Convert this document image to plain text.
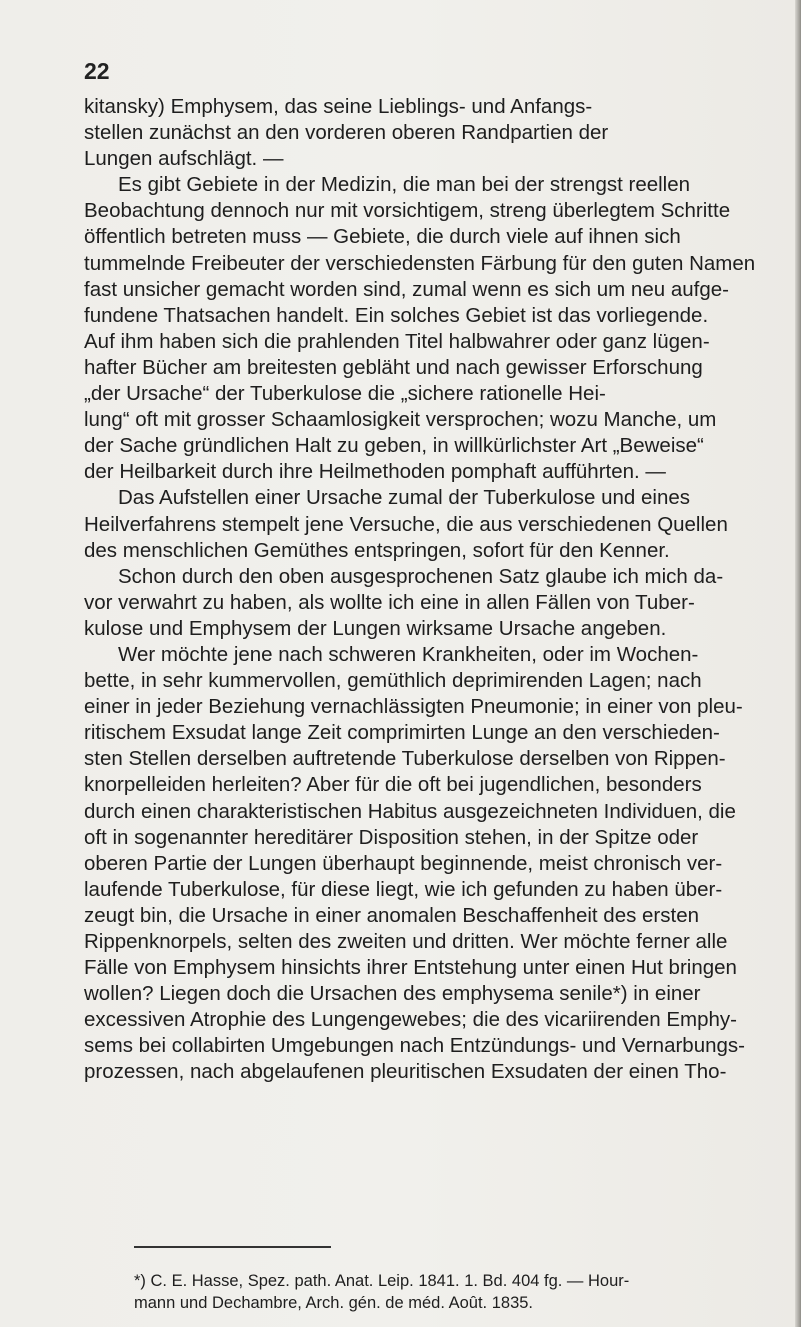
22
kitansky) Emphysem, das seine Lieblings- und Anfangs-
stellen zunächst an den vorderen oberen Randpartien der
Lungen aufschlägt. —
Es gibt Gebiete in der Medizin, die man bei der strengst reellen
Beobachtung dennoch nur mit vorsichtigem, streng überlegtem Schritte
öffentlich betreten muss — Gebiete, die durch viele auf ihnen sich
tummelnde Freibeuter der verschiedensten Färbung für den guten Namen
fast unsicher gemacht worden sind, zumal wenn es sich um neu aufge-
fundene Thatsachen handelt. Ein solches Gebiet ist das vorliegende.
Auf ihm haben sich die prahlenden Titel halbwahrer oder ganz lügen-
hafter Bücher am breitesten gebläht und nach gewisser Erforschung
„der Ursache“ der Tuberkulose die „sichere rationelle Hei-
lung“ oft mit grosser Schaamlosigkeit versprochen; wozu Manche, um
der Sache gründlichen Halt zu geben, in willkürlichster Art „Beweise“
der Heilbarkeit durch ihre Heilmethoden pomphaft aufführten. —
Das Aufstellen einer Ursache zumal der Tuberkulose und eines
Heilverfahrens stempelt jene Versuche, die aus verschiedenen Quellen
des menschlichen Gemüthes entspringen, sofort für den Kenner.
Schon durch den oben ausgesprochenen Satz glaube ich mich da-
vor verwahrt zu haben, als wollte ich eine in allen Fällen von Tuber-
kulose und Emphysem der Lungen wirksame Ursache angeben.
Wer möchte jene nach schweren Krankheiten, oder im Wochen-
bette, in sehr kummervollen, gemüthlich deprimirenden Lagen; nach
einer in jeder Beziehung vernachlässigten Pneumonie; in einer von pleu-
ritischem Exsudat lange Zeit comprimirten Lunge an den verschieden-
sten Stellen derselben auftretende Tuberkulose derselben von Rippen-
knorpelleiden herleiten? Aber für die oft bei jugendlichen, besonders
durch einen charakteristischen Habitus ausgezeichneten Individuen, die
oft in sogenannter hereditärer Disposition stehen, in der Spitze oder
oberen Partie der Lungen überhaupt beginnende, meist chronisch ver-
laufende Tuberkulose, für diese liegt, wie ich gefunden zu haben über-
zeugt bin, die Ursache in einer anomalen Beschaffenheit des ersten
Rippenknorpels, selten des zweiten und dritten. Wer möchte ferner alle
Fälle von Emphysem hinsichts ihrer Entstehung unter einen Hut bringen
wollen? Liegen doch die Ursachen des emphysema senile*) in einer
excessiven Atrophie des Lungengewebes; die des vicariirenden Emphy-
sems bei collabirten Umgebungen nach Entzündungs- und Vernarbungs-
prozessen, nach abgelaufenen pleuritischen Exsudaten der einen Tho-
*) C. E. Hasse, Spez. path. Anat. Leip. 1841. 1. Bd. 404 fg. — Hour-
mann und Dechambre, Arch. gén. de méd. Août. 1835.
